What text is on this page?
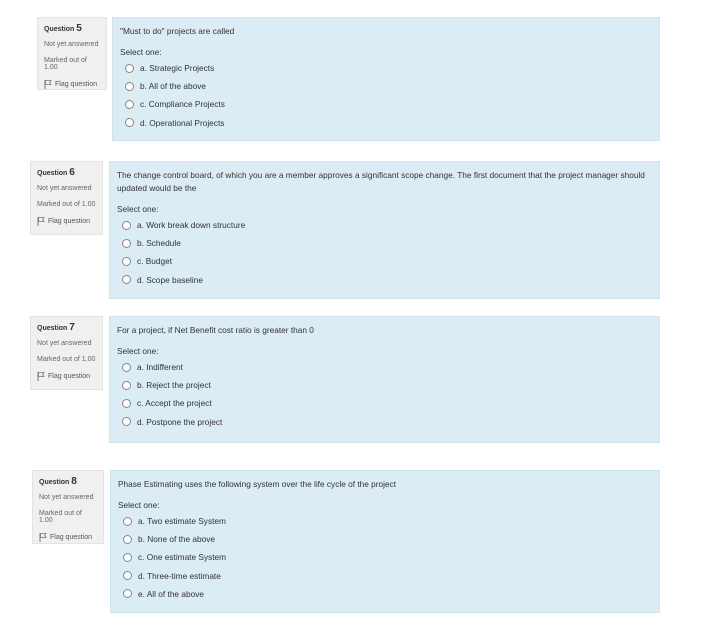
Question 5
Not yet answered
Marked out of 1.00
Flag question
"Must to do" projects are called
Select one:
a. Strategic Projects
b. All of the above
c. Compliance Projects
d. Operational Projects
Question 6
Not yet answered
Marked out of 1.00
Flag question
The change control board, of which you are a member approves a significant scope change. The first document that the project manager should updated would be the
Select one:
a. Work break down structure
b. Schedule
c. Budget
d. Scope baseline
Question 7
Not yet answered
Marked out of 1.00
Flag question
For a project, if Net Benefit cost ratio is greater than 0
Select one:
a. Indifferent
b. Reject the project
c. Accept the project
d. Postpone the project
Question 8
Not yet answered
Marked out of 1.00
Flag question
Phase Estimating uses the following system over the life cycle of the project
Select one:
a. Two estimate System
b. None of the above
c. One estimate System
d. Three-time estimate
e. All of the above
